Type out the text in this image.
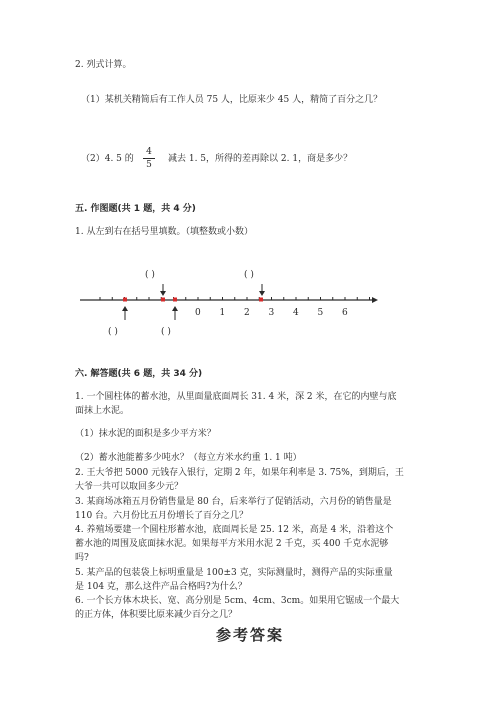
2. 列式计算。
（1）某机关精简后有工作人员 75 人，比原来少 45 人，精简了百分之几？
（2）4. 5 的
4
5
减去 1. 5，所得的差再除以 2. 1，商是多少？
五. 作图题(共 1 题，共 4 分)
1. 从左到右在括号里填数。（填整数或小数）
( )	( )
0 1 2 3 4 5 6
( )	( )
六. 解答题(共 6 题，共 34 分)
1. 一个圆柱体的蓄水池，从里面量底面周长 31. 4 米，深 2 米，在它的内壁与底
面抹上水泥。
（1）抹水泥的面积是多少平方米？
（2）蓄水池能蓄多少吨水？（每立方米水约重 1. 1 吨）
2. 王大爷把 5000 元钱存入银行，定期 2 年，如果年利率是 3. 75%，到期后，王
大爷一共可以取回多少元？
3. 某商场冰箱五月份销售量是 80 台，后来举行了促销活动，六月份的销售量是
110 台。六月份比五月份增长了百分之几？
4. 养殖场要建一个圆柱形蓄水池，底面周长是 25. 12 米，高是 4 米，沿着这个
蓄水池的周围及底面抹水泥。如果每平方米用水泥 2 千克，买 400 千克水泥够
吗?
5. 某产品的包装袋上标明重量是 100±3 克，实际测量时，测得产品的实际重量
是 104 克，那么这件产品合格吗?为什么？
6. 一个长方体木块长、宽、高分别是 5cm、4cm、3cm。如果用它锯成一个最大
的正方体，体积要比原来减少百分之几？
参考答案
